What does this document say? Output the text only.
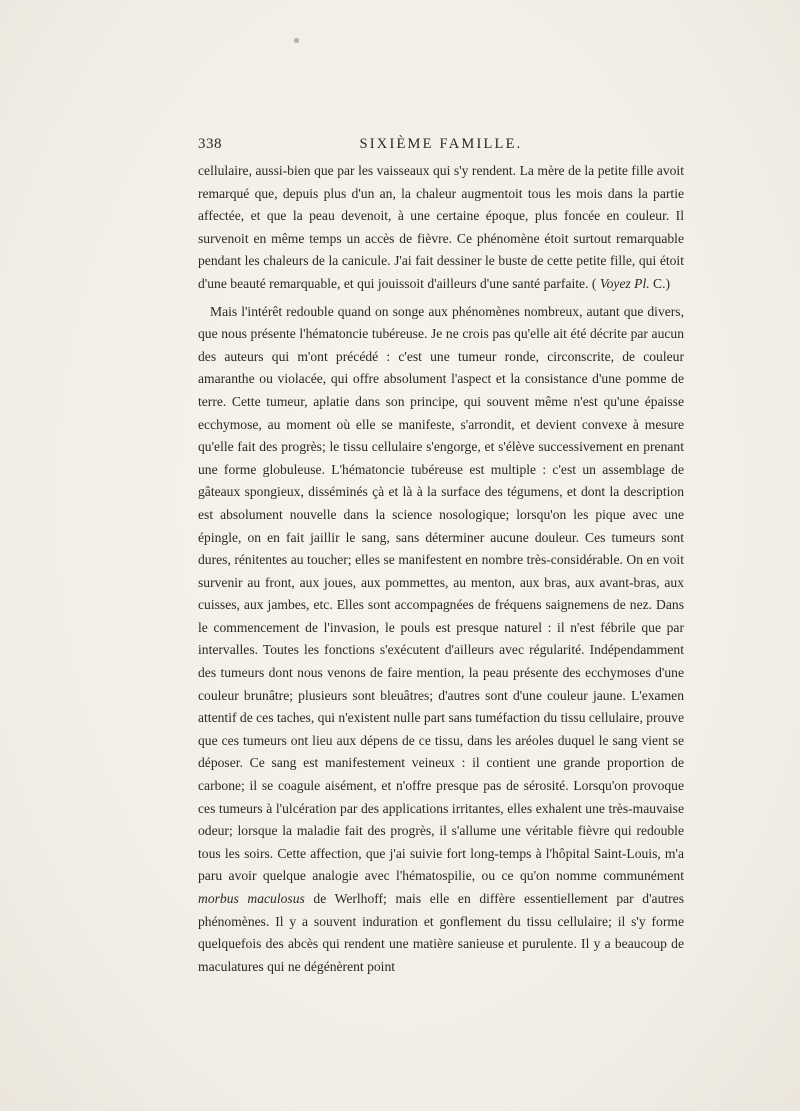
338	SIXIÈME FAMILLE.

cellulaire, aussi-bien que par les vaisseaux qui s'y rendent. La mère de la petite fille avoit remarqué que, depuis plus d'un an, la chaleur augmentoit tous les mois dans la partie affectée, et que la peau devenoit, à une certaine époque, plus foncée en couleur. Il survenoit en même temps un accès de fièvre. Ce phénomène étoit surtout remarquable pendant les chaleurs de la canicule. J'ai fait dessiner le buste de cette petite fille, qui étoit d'une beauté remarquable, et qui jouissoit d'ailleurs d'une santé parfaite. ( Voyez Pl. C.)

Mais l'intérêt redouble quand on songe aux phénomènes nombreux, autant que divers, que nous présente l'hématoncie tubéreuse. Je ne crois pas qu'elle ait été décrite par aucun des auteurs qui m'ont précédé : c'est une tumeur ronde, circonscrite, de couleur amaranthe ou violacée, qui offre absolument l'aspect et la consistance d'une pomme de terre. Cette tumeur, aplatie dans son principe, qui souvent même n'est qu'une épaisse ecchymose, au moment où elle se manifeste, s'arrondit, et devient convexe à mesure qu'elle fait des progrès; le tissu cellulaire s'engorge, et s'élève successivement en prenant une forme globuleuse. L'hématoncie tubéreuse est multiple : c'est un assemblage de gâteaux spongieux, disséminés çà et là à la surface des tégumens, et dont la description est absolument nouvelle dans la science nosologique; lorsqu'on les pique avec une épingle, on en fait jaillir le sang, sans déterminer aucune douleur. Ces tumeurs sont dures, rénitentes au toucher; elles se manifestent en nombre très-considérable. On en voit survenir au front, aux joues, aux pommettes, au menton, aux bras, aux avant-bras, aux cuisses, aux jambes, etc. Elles sont accompagnées de fréquens saignemens de nez. Dans le commencement de l'invasion, le pouls est presque naturel : il n'est fébrile que par intervalles. Toutes les fonctions s'exécutent d'ailleurs avec régularité. Indépendamment des tumeurs dont nous venons de faire mention, la peau présente des ecchymoses d'une couleur brunâtre; plusieurs sont bleuâtres; d'autres sont d'une couleur jaune. L'examen attentif de ces taches, qui n'existent nulle part sans tuméfaction du tissu cellulaire, prouve que ces tumeurs ont lieu aux dépens de ce tissu, dans les aréoles duquel le sang vient se déposer. Ce sang est manifestement veineux : il contient une grande proportion de carbone; il se coagule aisément, et n'offre presque pas de sérosité. Lorsqu'on provoque ces tumeurs à l'ulcération par des applications irritantes, elles exhalent une très-mauvaise odeur; lorsque la maladie fait des progrès, il s'allume une véritable fièvre qui redouble tous les soirs. Cette affection, que j'ai suivie fort long-temps à l'hôpital Saint-Louis, m'a paru avoir quelque analogie avec l'hématospilie, ou ce qu'on nomme communément morbus maculosus de Werlhoff; mais elle en diffère essentiellement par d'autres phénomènes. Il y a souvent induration et gonflement du tissu cellulaire; il s'y forme quelquefois des abcès qui rendent une matière sanieuse et purulente. Il y a beaucoup de maculatures qui ne dégénèrent point
